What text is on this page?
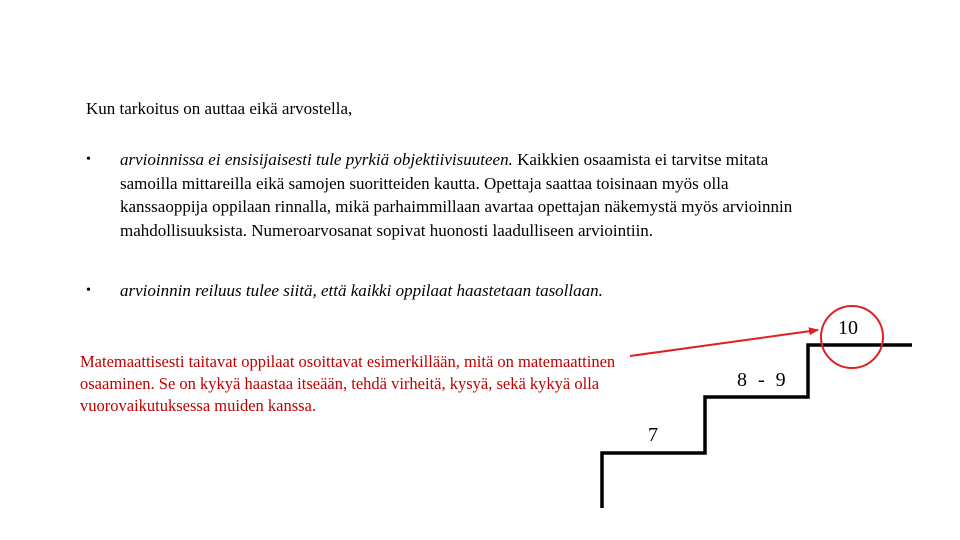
Kun tarkoitus on auttaa eikä arvostella,
• arvioinnissa ei ensisijaisesti tule pyrkiä objektiivisuuteen. Kaikkien osaamista ei tarvitse mitata samoilla mittareilla eikä samojen suoritteiden kautta. Opettaja saattaa toisinaan myös olla kanssaoppija oppilaan rinnalla, mikä parhaimmillaan avartaa opettajan näkemystä myös arvioinnin mahdollisuuksista. Numeroarvosanat sopivat huonosti laadulliseen arviointiin.
• arvioinnin reiluus tulee siitä, että kaikki oppilaat haastetaan tasollaan.
Matemaattisesti taitavat oppilaat osoittavat esimerkillään, mitä on matemaattinen osaaminen. Se on kykyä haastaa itseään, tehdä virheitä, kysyä, sekä kykyä olla vuorovaikutuksessa muiden kanssa.
7
8 - 9
10
